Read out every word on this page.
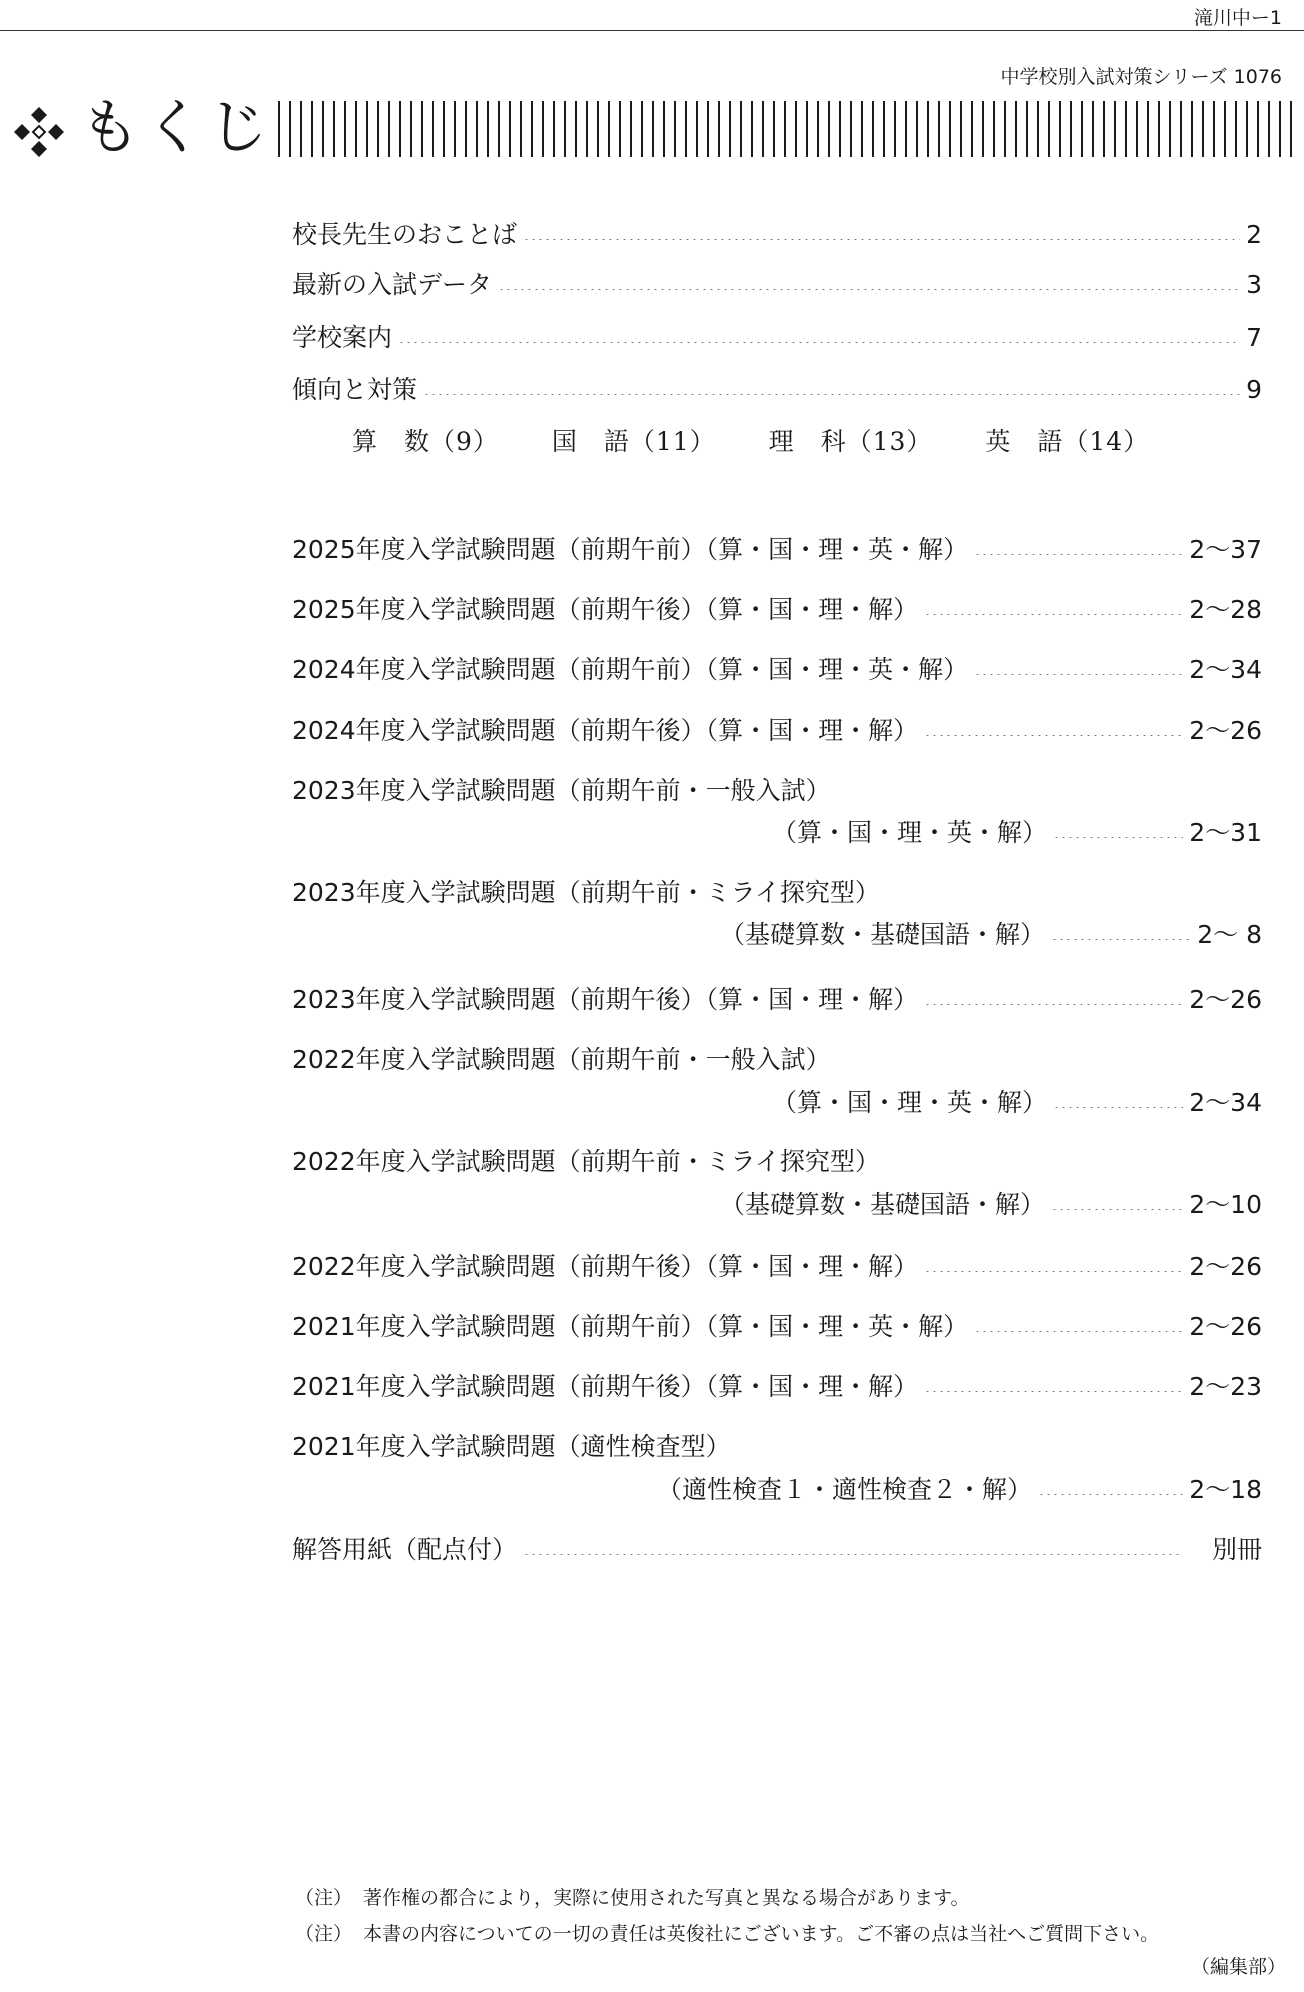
滝川中ー1
中学校別入試対策シリーズ 1076
もくじ
校長先生のおことば	2
最新の入試データ	3
学校案内	7
傾向と対策	9
算　数（9） 国　語（11） 理　科（13） 英　語（14）
2025年度入学試験問題（前期午前）（算・国・理・英・解）	2〜37
2025年度入学試験問題（前期午後）（算・国・理・解）	2〜28
2024年度入学試験問題（前期午前）（算・国・理・英・解）	2〜34
2024年度入学試験問題（前期午後）（算・国・理・解）	2〜26
2023年度入学試験問題（前期午前・一般入試）
（算・国・理・英・解）	2〜31
2023年度入学試験問題（前期午前・ミライ探究型）
（基礎算数・基礎国語・解）	2〜 8
2023年度入学試験問題（前期午後）（算・国・理・解）	2〜26
2022年度入学試験問題（前期午前・一般入試）
（算・国・理・英・解）	2〜34
2022年度入学試験問題（前期午前・ミライ探究型）
（基礎算数・基礎国語・解）	2〜10
2022年度入学試験問題（前期午後）（算・国・理・解）	2〜26
2021年度入学試験問題（前期午前）（算・国・理・英・解）	2〜26
2021年度入学試験問題（前期午後）（算・国・理・解）	2〜23
2021年度入学試験問題（適性検査型）
（適性検査１・適性検査２・解）	2〜18
解答用紙（配点付）	別冊
（注） 著作権の都合により，実際に使用された写真と異なる場合があります。
（注） 本書の内容についての一切の責任は英俊社にございます。ご不審の点は当社へご質問下さい。
（編集部）
